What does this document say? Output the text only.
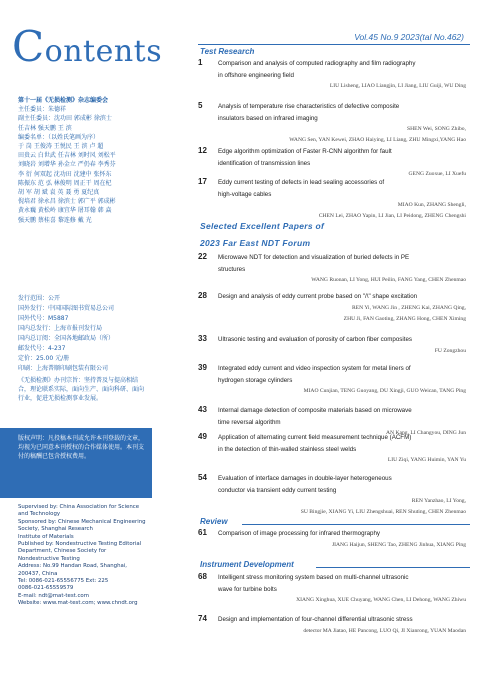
Contents

第十一届《无损检测》杂志编委会

主任委员：朱德祥

副主任委员：沈功田 郭成彬 徐滨士

任吉林 强天鹏 王 滨

编委名单：（以姓氏笔画为序）

于 岗 王俊涛 王悦民 王 滨 卢 超

田贵云 白世武 任吉林 刘时风 刘松平

刘晓岩 刘增华 孙金立 严仍春 李秀芬

李 衍 何双起 沈功田 沈建中 张怀东

陈振东 范 弘 林俊明 周正干 周在杞

胡 军 胡 斌 袁 英 聂 勇 夏纪真

倪培君 徐永昌 徐滨士 郭广平 郭成彬

黄永巍 黄松岭 康宜华 屠耳翰 韩 焱

强天鹏 蔡桂喜 黎连修 戴 光

发行范围：公开

国外发行：中国国际图书贸易总公司

国外代号：M5887

国内总发行：上海市报刊发行局

国内总订阅：全国各地邮政局（所）

邮发代号：4-237

定价：25.00 元/册

印刷：上海普顺印刷包装有限公司

《无损检测》办刊宗旨：坚持普及与提高相结合，理论联系实际，面向生产、面向科研、面向行业，促进无损检测事业发展。
版权声明：凡投稿本刊或允许本刊登载的文章，均视为已同意本刊授权的合作媒体使用。本刊支付的稿酬已包含授权费用。

Supervised by: China Association for Science

and Technology

Sponsored by: Chinese Mechanical Engineering

Society, Shanghai Research

Institute of Materials

Published by: Nondestructive Testing Editorial

Department, Chinese Society for

Nondestructive Testing

Address: No.99 Handan Road, Shanghai,

200437, China

Tel: 0086-021-65556775 Ext: 225

0086-021-65559579

E-mail: ndt@mat-test.com

Website: www.mat-test.com; www.chndt.org

Vol.45 No.9 2023(tal No.462)
Test Research
1	Comparison and analysis of computed radiography and film radiography
in offshore engineering field
LIU Lisheng, LIAO Liangjin, LI Jiang, LIU Guiji, WU Ding
5	Analysis of temperature rise characteristics of defective composite
insulators based on infrared imaging
SHEN Wei, SONG Zhibo,
WANG Sen, YAN Kewei, ZHAO Haiying, LI Liang, ZHU Mingxi,YANG Hao
12	Edge algorithm optimization of Faster R-CNN algorithm for fault
identification of transmission lines
GENG Zuoxue, LI Xuefu
17	Eddy current testing of defects in lead sealing accessories of
high-voltage cables
MIAO Kun, ZHANG Shengli,
CHEN Lei, ZHAO Yapin, LI Jian, LI Peidong, ZHENG Chengshi
Selected Excellent Papers of
2023 Far East NDT Forum
22	Microwave NDT for detection and visualization of buried defects in PE
structures
WANG Ruonan, LI Yong, HUI Peilin, FANG Yang, CHEN Zhenmao
28	Design and analysis of eddy current probe based on "/\" shape excitation
REN Yi, WANG Jin , ZHENG Kai, ZHANG Qing,
ZHU Ji, FAN Gaoting, ZHANG Hong, CHEN Ximing
33	Ultrasonic testing and evaluation of porosity of carbon fiber composites
FU Zongzhou
39	Integrated eddy current and video inspection system for metal liners of
hydrogen storage cylinders
MIAO Cunjian, TENG Guoyang, DU Xingji, GUO Weican, TANG Ping
43	Internal damage detection of composite materials based on microwave
time reversal algorithm
AN Kang, LI Changyou, DING Jun
49	Application of alternating current field measurement technique (ACFM)
in the detection of thin-walled stainless steel welds
LIU Ziqi, YANG Huimin, YAN Yu
54	Evaluation of interface damages in double-layer heterogeneous
conductor via transient eddy current testing
REN Yanzhao, LI Yong,
SU Bingjie, XIANG Yi, LIU Zhengshuai, REN Shuting, CHEN Zhenmao
Review
61	Comparison of image processing for infrared thermography
JIANG Haijun, SHENG Tao, ZHENG Jinhua, XIANG Ping
Instrument Development
68	Intelligent stress monitoring system based on multi-channel ultrasonic
wave for turbine bolts
XIANG Xinghua, XUE Chuyang, WANG Chen, LI Dehong, WANG Zhiwu
74	Design and implementation of four-channel differential ultrasonic stress
detector MA Jiatao, HE Pancong, LUO Qi, JI Xianrong, YUAN Maodan
